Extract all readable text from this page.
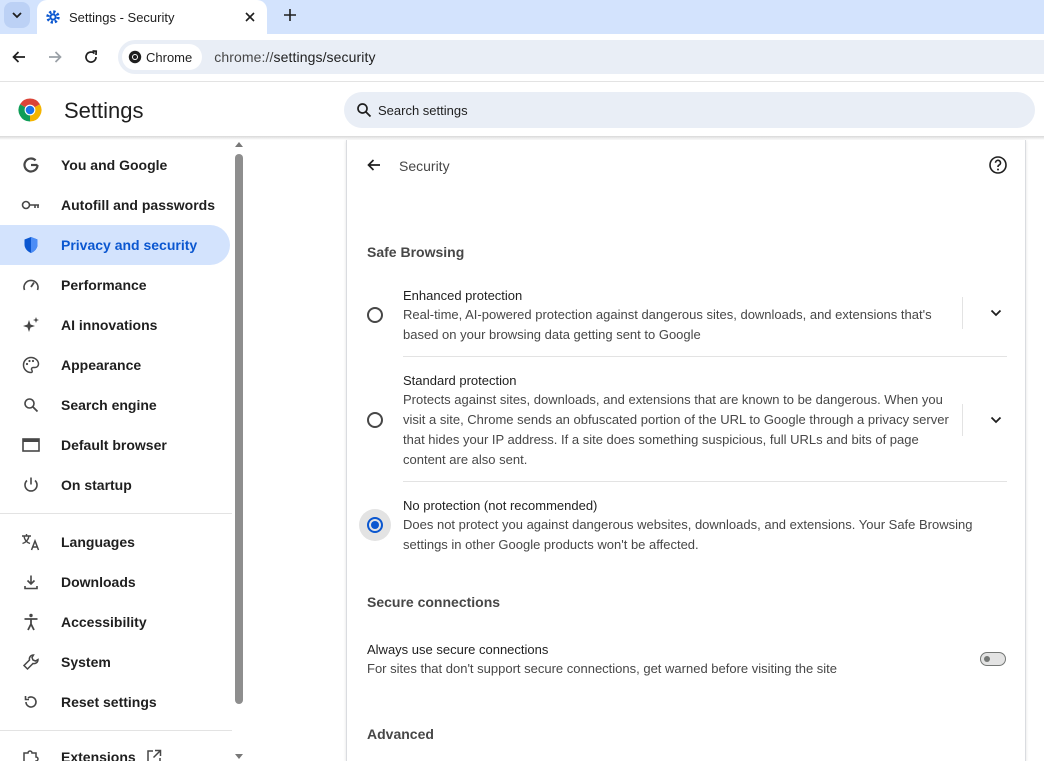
Settings - Security
Chrome chrome://settings/security
Settings	Search settings
You and Google
Autofill and passwords
Privacy and security
Performance
AI innovations
Appearance
Search engine
Default browser
On startup
Languages
Downloads
Accessibility
System
Reset settings
Extensions
Security
Safe Browsing
Enhanced protection
Real-time, AI-powered protection against dangerous sites, downloads, and extensions that's
based on your browsing data getting sent to Google
Standard protection
Protects against sites, downloads, and extensions that are known to be dangerous. When you
visit a site, Chrome sends an obfuscated portion of the URL to Google through a privacy server
that hides your IP address. If a site does something suspicious, full URLs and bits of page
content are also sent.
No protection (not recommended)
Does not protect you against dangerous websites, downloads, and extensions. Your Safe Browsing
settings in other Google products won't be affected.
Secure connections
Always use secure connections
For sites that don't support secure connections, get warned before visiting the site
Advanced
